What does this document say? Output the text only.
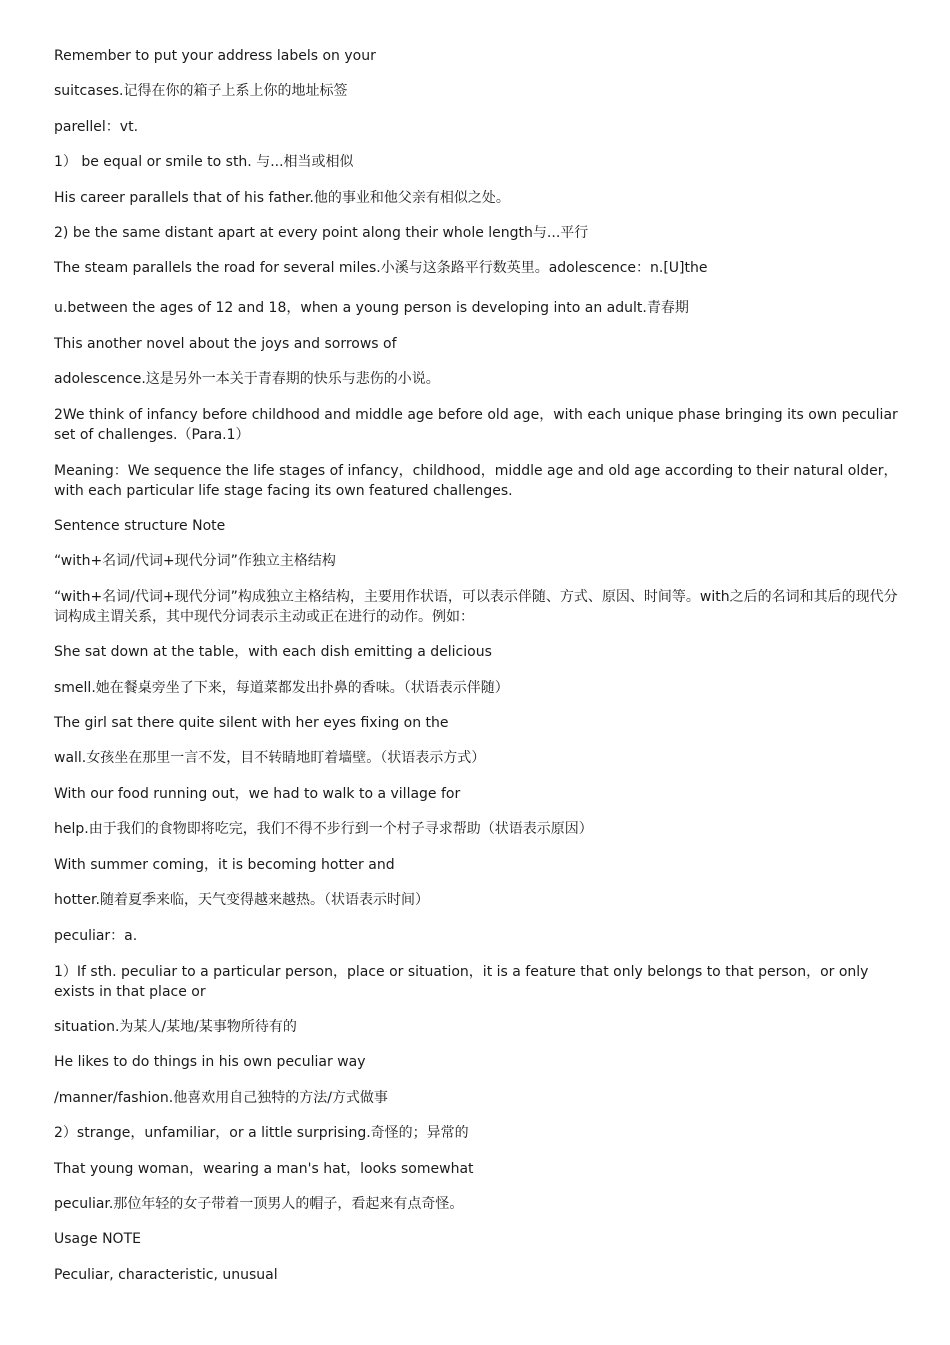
Remember to put your address labels on your

suitcases.记得在你的箱子上系上你的地址标签

parellel：vt.

1） be equal or smile to sth. 与...相当或相似

His career parallels that of his father.他的事业和他父亲有相似之处。

2) be the same distant apart at every point along their whole length与...平行

The steam parallels the road for several miles.小溪与这条路平行数英里。adolescence：n.[U]the

u.between the ages of 12 and 18，when a young person is developing into an adult.青春期

This another novel about the joys and sorrows of

adolescence.这是另外一本关于青春期的快乐与悲伤的小说。

2We think of infancy before childhood and middle age before old age，with each unique phase bringing its own peculiar set of challenges.（Para.1）

Meaning：We sequence the life stages of infancy，childhood，middle age and old age according to their natural older，with each particular life stage facing its own featured challenges.

Sentence structure Note

“with+名词/代词+现代分词”作独立主格结构

“with+名词/代词+现代分词”构成独立主格结构，主要用作状语，可以表示伴随、方式、原因、时间等。with之后的名词和其后的现代分词构成主谓关系，其中现代分词表示主动或正在进行的动作。例如：

She sat down at the table，with each dish emitting a delicious

smell.她在餐桌旁坐了下来，每道菜都发出扑鼻的香味。（状语表示伴随）

The girl sat there quite silent with her eyes fixing on the

wall.女孩坐在那里一言不发，目不转睛地盯着墙壁。（状语表示方式）

With our food running out，we had to walk to a village for

help.由于我们的食物即将吃完，我们不得不步行到一个村子寻求帮助（状语表示原因）

With summer coming，it is becoming hotter and

hotter.随着夏季来临，天气变得越来越热。（状语表示时间）

peculiar：a.

1）If sth. peculiar to a particular person，place or situation，it is a feature that only belongs to that person，or only exists in that place or

situation.为某人/某地/某事物所待有的

He likes to do things in his own peculiar way

/manner/fashion.他喜欢用自己独特的方法/方式做事

2）strange，unfamiliar，or a little surprising.奇怪的；异常的

That young woman，wearing a man's hat，looks somewhat

peculiar.那位年轻的女子带着一顶男人的帽子，看起来有点奇怪。

Usage NOTE

Peculiar, characteristic, unusual
